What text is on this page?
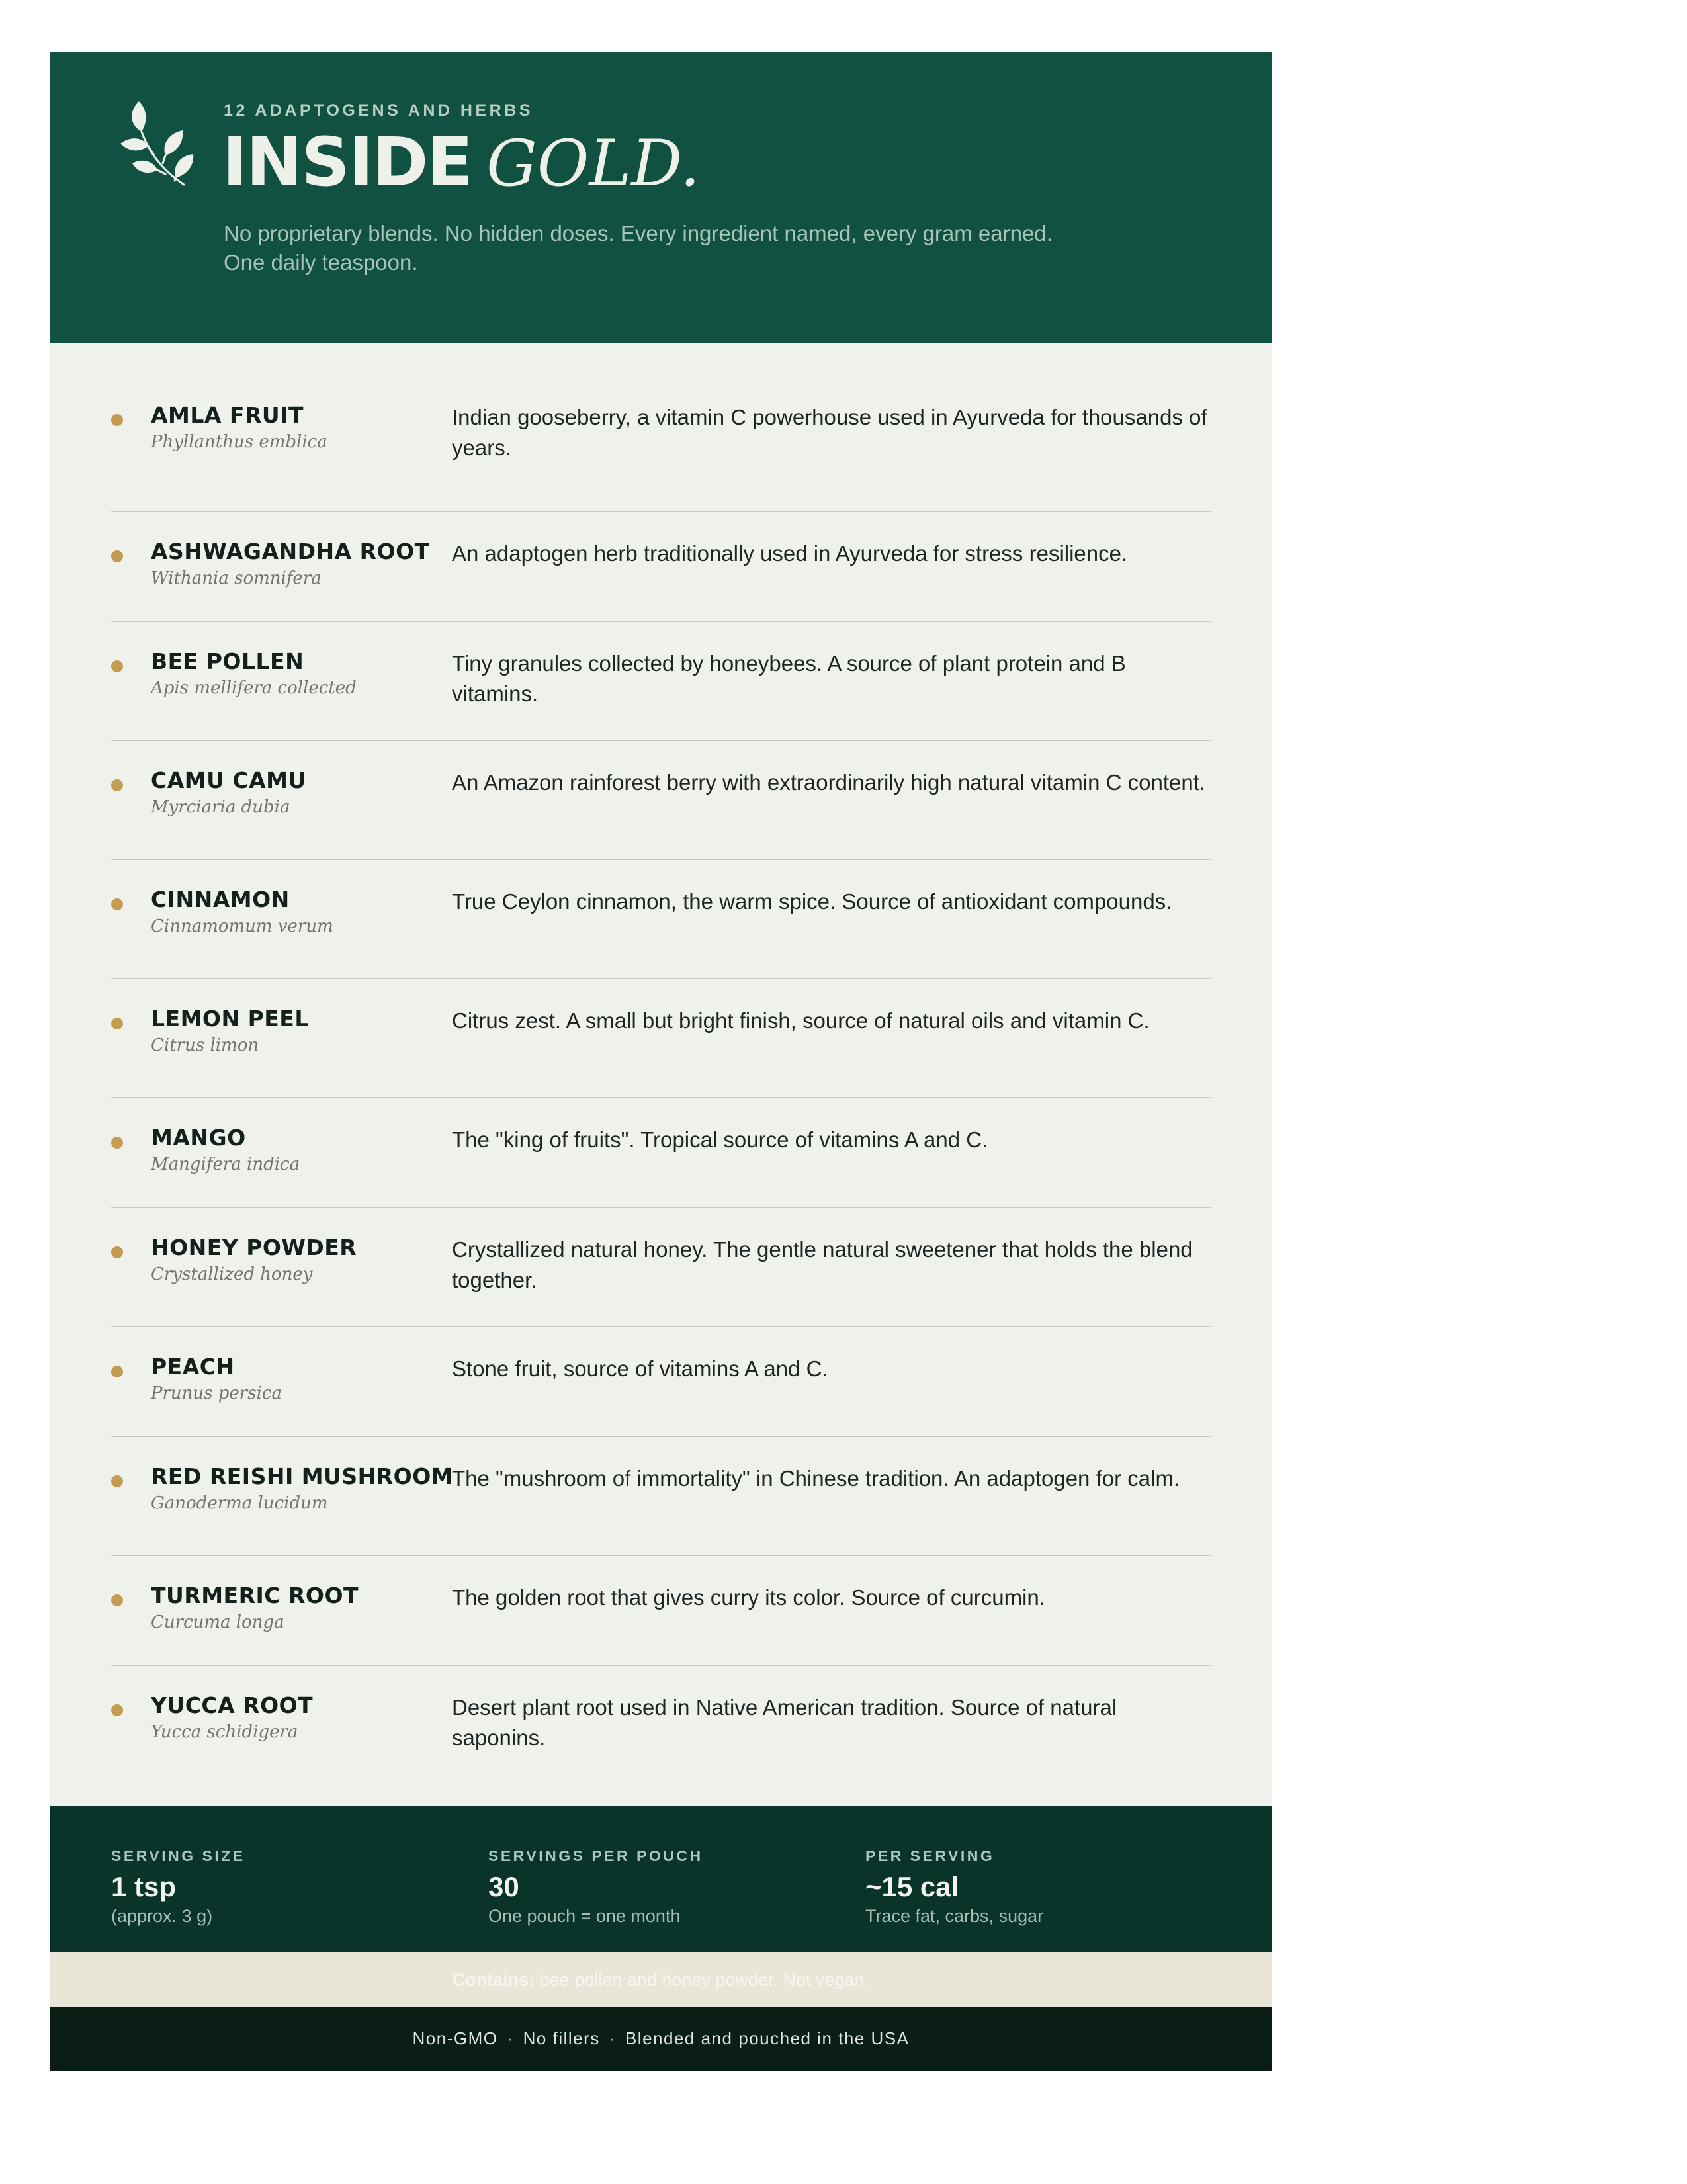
12 ADAPTOGENS AND HERBS
INSIDE GOLD.
No proprietary blends. No hidden doses. Every ingredient named, every gram earned. One daily teaspoon.
AMLA FRUIT
Phyllanthus emblica
Indian gooseberry, a vitamin C powerhouse used in Ayurveda for thousands of years.
ASHWAGANDHA ROOT
Withania somnifera
An adaptogen herb traditionally used in Ayurveda for stress resilience.
BEE POLLEN
Apis mellifera collected
Tiny granules collected by honeybees. A source of plant protein and B vitamins.
CAMU CAMU
Myrciaria dubia
An Amazon rainforest berry with extraordinarily high natural vitamin C content.
CINNAMON
Cinnamomum verum
True Ceylon cinnamon, the warm spice. Source of antioxidant compounds.
LEMON PEEL
Citrus limon
Citrus zest. A small but bright finish, source of natural oils and vitamin C.
MANGO
Mangifera indica
The "king of fruits". Tropical source of vitamins A and C.
HONEY POWDER
Crystallized honey
Crystallized natural honey. The gentle natural sweetener that holds the blend together.
PEACH
Prunus persica
Stone fruit, source of vitamins A and C.
RED REISHI MUSHROOM
Ganoderma lucidum
The "mushroom of immortality" in Chinese tradition. An adaptogen for calm.
TURMERIC ROOT
Curcuma longa
The golden root that gives curry its color. Source of curcumin.
YUCCA ROOT
Yucca schidigera
Desert plant root used in Native American tradition. Source of natural saponins.
SERVING SIZE
1 tsp
(approx. 3 g)
SERVINGS PER POUCH
30
One pouch = one month
PER SERVING
~15 cal
Trace fat, carbs, sugar
Contains: bee pollen and honey powder. Not vegan.
Non-GMO · No fillers · Blended and pouched in the USA
